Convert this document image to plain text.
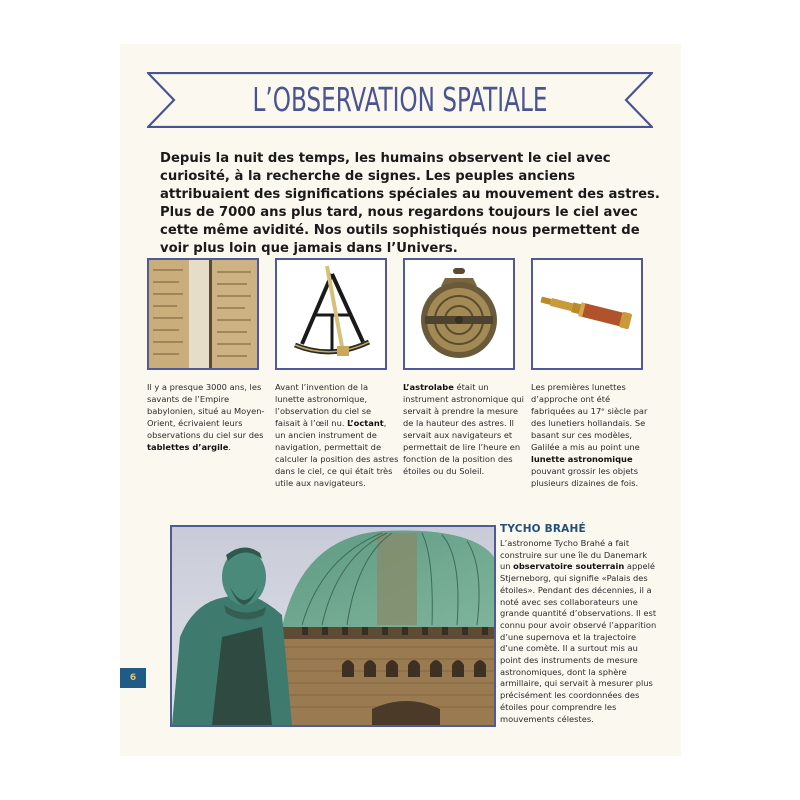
L’OBSERVATION SPATIALE
Depuis la nuit des temps, les humains observent le ciel avec curiosité, à la recherche de signes. Les peuples anciens attribuaient des significations spéciales au mouvement des astres. Plus de 7000 ans plus tard, nous regardons toujours le ciel avec cette même avidité. Nos outils sophistiqués nous permettent de voir plus loin que jamais dans l’Univers.
Il y a presque 3000 ans, les savants de l’Empire babylonien, situé au Moyen-Orient, écrivaient leurs observations du ciel sur des tablettes d’argile.
Avant l’invention de la lunette astronomique, l’observation du ciel se faisait à l’œil nu. L’octant, un ancien instrument de navigation, permettait de calculer la position des astres dans le ciel, ce qui était très utile aux navigateurs.
L’astrolabe était un instrument astronomique qui servait à prendre la mesure de la hauteur des astres. Il servait aux navigateurs et permettait de lire l’heure en fonction de la position des étoiles ou du Soleil.
Les premières lunettes d’approche ont été fabriquées au 17ᵉ siècle par des lunetiers hollandais. Se basant sur ces modèles, Galilée a mis au point une lunette astronomique pouvant grossir les objets plusieurs dizaines de fois.
TYCHO BRAHÉ
L’astronome Tycho Brahé a fait construire sur une île du Danemark un observatoire souterrain appelé Stjerneborg, qui signifie «Palais des étoiles». Pendant des décennies, il a noté avec ses collaborateurs une grande quantité d’observations. Il est connu pour avoir observé l’apparition d’une supernova et la trajectoire d’une comète. Il a surtout mis au point des instruments de mesure astronomiques, dont la sphère armillaire, qui servait à mesurer plus précisément les coordonnées des étoiles pour comprendre les mouvements célestes.
6
